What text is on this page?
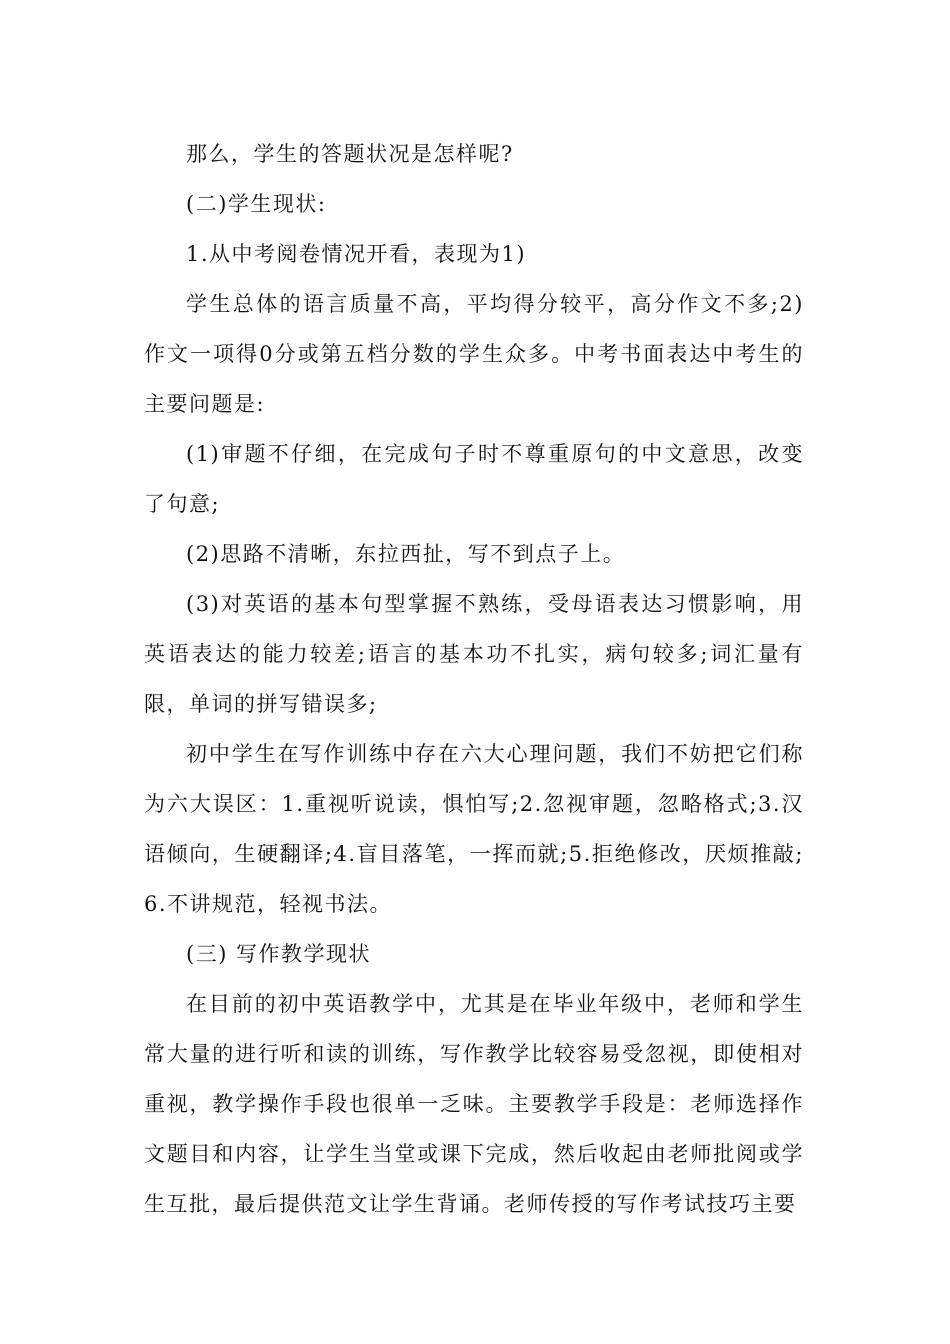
那么，学生的答题状况是怎样呢?

(二)学生现状:

1.从中考阅卷情况开看，表现为1)

学生总体的语言质量不高，平均得分较平，高分作文不多;2)作文一项得0分或第五档分数的学生众多。中考书面表达中考生的主要问题是:

(1)审题不仔细，在完成句子时不尊重原句的中文意思，改变了句意;

(2)思路不清晰，东拉西扯，写不到点子上。

(3)对英语的基本句型掌握不熟练，受母语表达习惯影响，用英语表达的能力较差;语言的基本功不扎实，病句较多;词汇量有限，单词的拼写错误多;

初中学生在写作训练中存在六大心理问题，我们不妨把它们称为六大误区：1.重视听说读，惧怕写;2.忽视审题，忽略格式;3.汉语倾向，生硬翻译;4.盲目落笔，一挥而就;5.拒绝修改，厌烦推敲;6.不讲规范，轻视书法。

(三) 写作教学现状

在目前的初中英语教学中，尤其是在毕业年级中，老师和学生常大量的进行听和读的训练，写作教学比较容易受忽视，即使相对重视，教学操作手段也很单一乏味。主要教学手段是：老师选择作文题目和内容，让学生当堂或课下完成，然后收起由老师批阅或学生互批，最后提供范文让学生背诵。老师传授的写作考试技巧主要
